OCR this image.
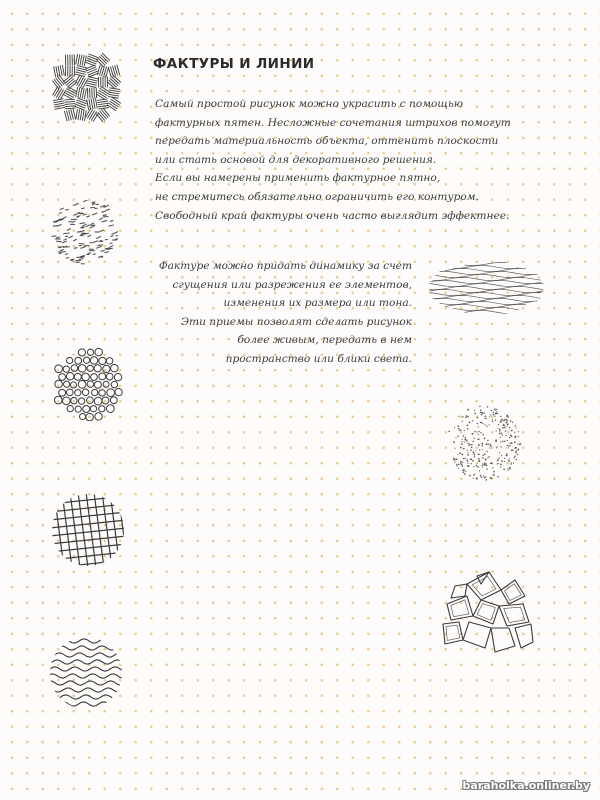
ФАКТУРЫ И ЛИНИИ

Самый простой рисунок можно украсить с помощью

фактурных пятен. Несложные сочетания штрихов помогут

передать материальность объекта, оттенить плоскости

или стать основой для декоративного решения.

Если вы намерены применить фактурное пятно,

не стремитесь обязательно ограничить его контуром.

Свободный край фактуры очень часто выглядит эффектнее.

Фактуре можно придать динамику за счет

сгущения или разрежения ее элементов,

изменения их размера или тона.

Эти приемы позволят сделать рисунок

более живым, передать в нем

пространство или блики света.

baraholka.onliner.by
